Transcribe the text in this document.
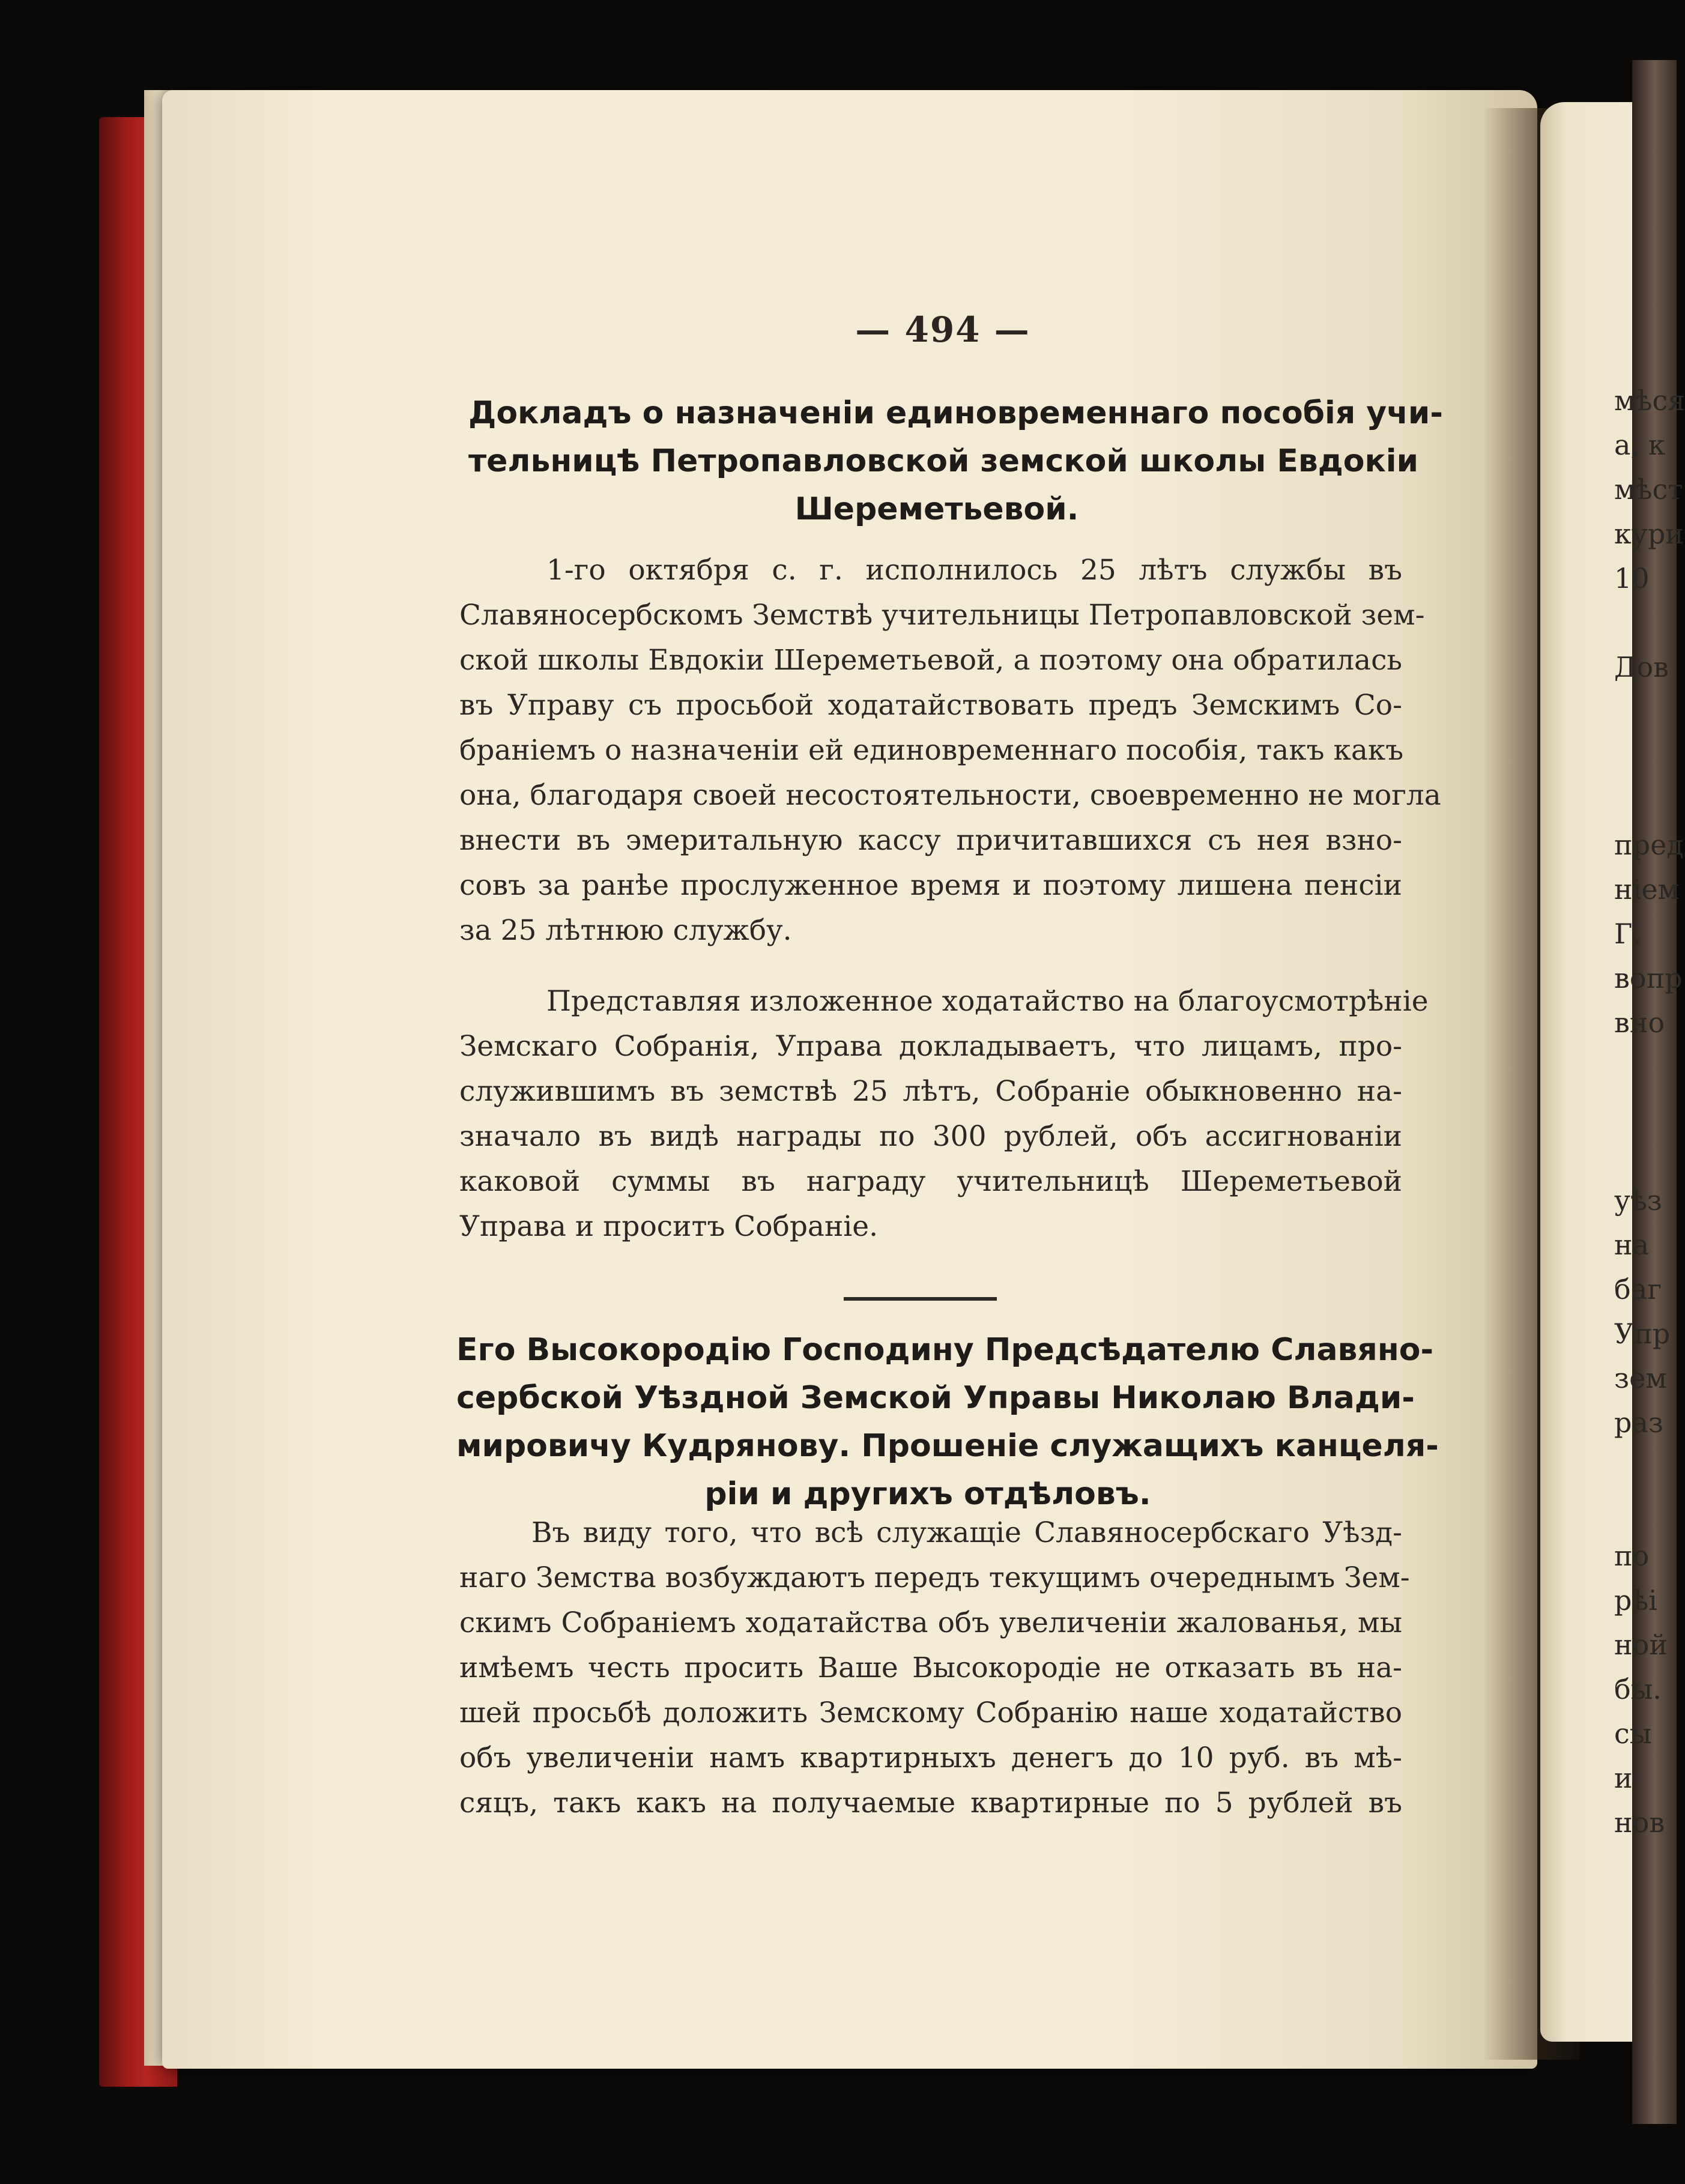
— 494 —
Докладъ о назначеніи единовременнаго пособія учи-
тельницѣ Петропавловской земской школы Евдокіи
Шереметьевой.
1-го октября с. г. исполнилось 25 лѣтъ службы въ
Славяносербскомъ Земствѣ учительницы Петропавловской зем-
ской школы Евдокіи Шереметьевой, а поэтому она обратилась
въ Управу съ просьбой ходатайствовать предъ Земскимъ Со-
браніемъ о назначеніи ей единовременнаго пособія, такъ какъ
она, благодаря своей несостоятельности, своевременно не могла
внести въ эмеритальную кассу причитавшихся съ нея взно-
совъ за ранѣе прослуженное время и поэтому лишена пенсіи
за 25 лѣтнюю службу.
Представляя изложенное ходатайство на благоусмотрѣніе
Земскаго Собранія, Управа докладываетъ, что лицамъ, про-
служившимъ въ земствѣ 25 лѣтъ, Собраніе обыкновенно на-
значало въ видѣ награды по 300 рублей, объ ассигнованіи
каковой суммы въ награду учительницѣ Шереметьевой
Управа и проситъ Собраніе.
Его Высокородію Господину Предсѣдателю Славяно-
сербской Уѣздной Земской Управы Николаю Влади-
мировичу Кудрянову. Прошеніе служащихъ канцеля-
ріи и другихъ отдѣловъ.
Въ виду того, что всѣ служащіе Славяносербскаго Уѣзд-
наго Земства возбуждаютъ передъ текущимъ очереднымъ Зем-
скимъ Собраніемъ ходатайства объ увеличеніи жалованья, мы
имѣемъ честь просить Ваше Высокородіе не отказать въ на-
шей просьбѣ доложить Земскому Собранію наше ходатайство
объ увеличеніи намъ квартирныхъ денегъ до 10 руб. въ мѣ-
сяцъ, такъ какъ на получаемые квартирные по 5 рублей въ
мѣся
а, к
мѣст
кури
10
Дов
пред
ніем
Г.
вопр
вно
уѣз
на
баг
Упр
зем
раз
по
рѣі
ной
бы.
сы
и
нов
